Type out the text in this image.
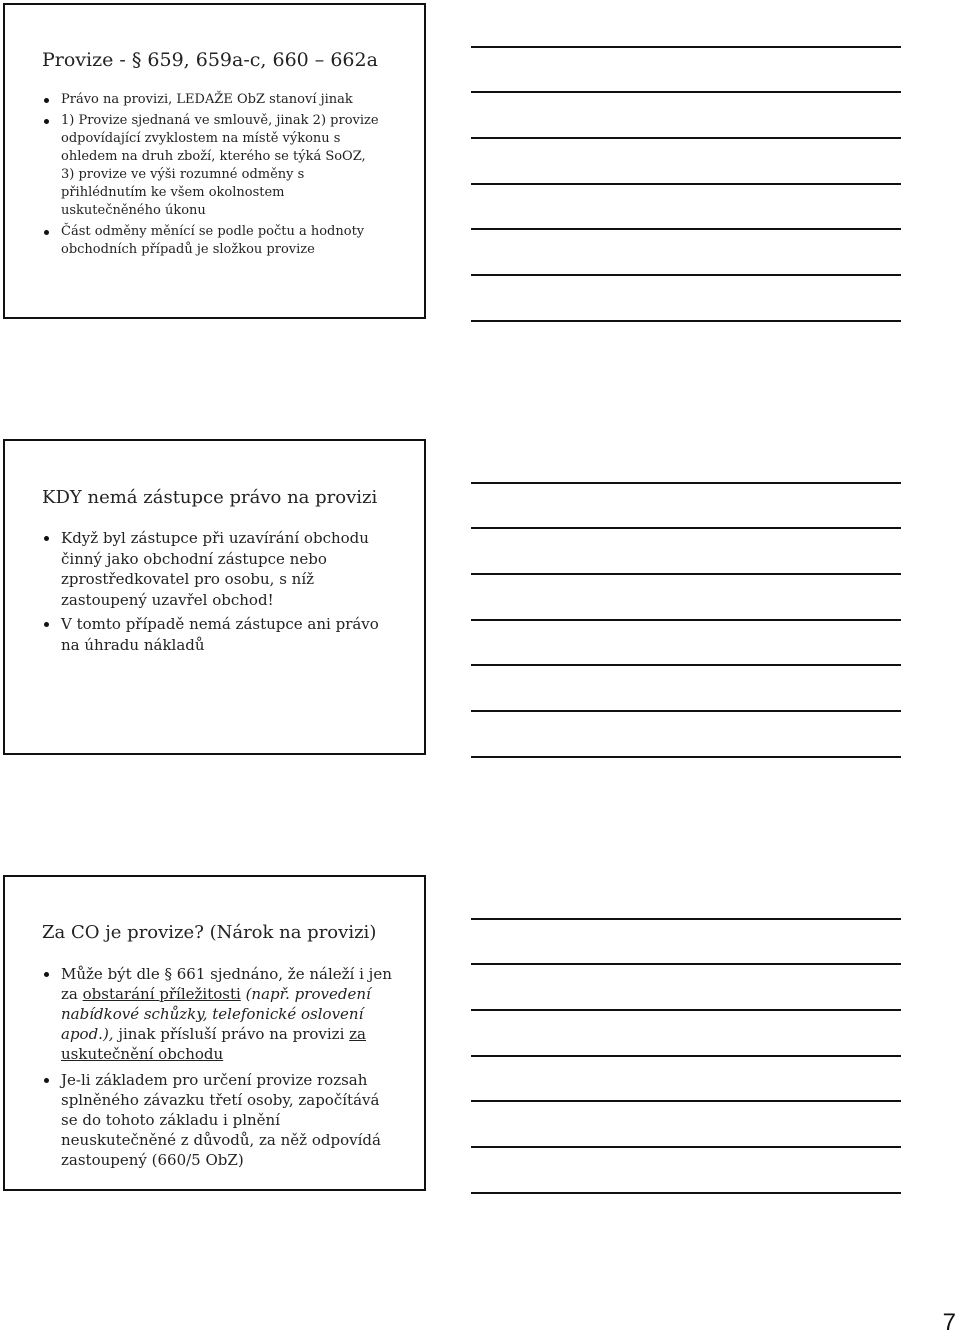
Provize - § 659, 659a-c, 660 – 662a
Právo na provizi, LEDAŽE ObZ stanoví jinak
1) Provize sjednaná ve smlouvě, jinak 2) provize odpovídající zvyklostem na místě výkonu s ohledem na druh zboží, kterého se týká SoOZ, 3) provize ve výši rozumné odměny s přihlédnutím ke všem okolnostem uskutečněného úkonu
Část odměny měnící se podle počtu a hodnoty obchodních případů je složkou provize
KDY nemá zástupce právo na provizi
Když byl zástupce při uzavírání obchodu činný jako obchodní zástupce nebo zprostředkovatel pro osobu, s níž zastoupený uzavřel obchod!
V tomto případě nemá zástupce ani právo na úhradu nákladů
Za CO je provize? (Nárok na provizi)
Může být dle § 661 sjednáno, že náleží i jen za obstarání příležitosti (např. provedení nabídkové schůzky, telefonické oslovení apod.), jinak přísluší právo na provizi za uskutečnění obchodu
Je-li základem pro určení provize rozsah splněného závazku třetí osoby, započítává se do tohoto základu i plnění neuskutečněné z důvodů, za něž odpovídá zastoupený (660/5 ObZ)
7
